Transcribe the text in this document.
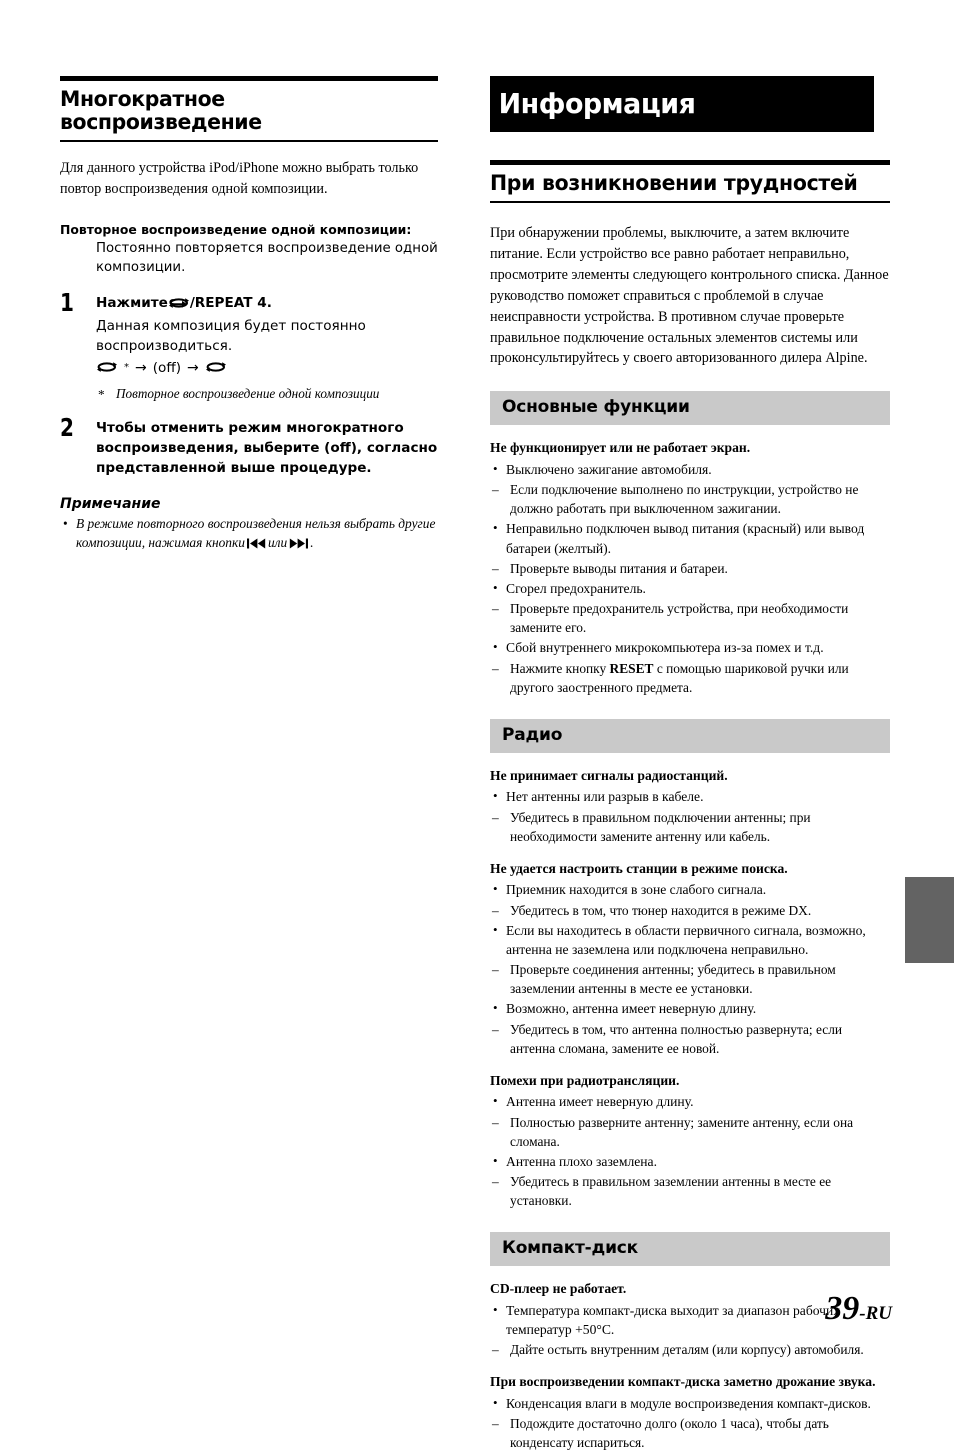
Многократное воспроизведение

Для данного устройства iPod/iPhone можно выбрать только повтор воспроизведения одной композиции.

Повторное воспроизведение одной композиции:
Постоянно повторяется воспроизведение одной композиции.
1 Нажмите /REPEAT 4.
Данная композиция будет постоянно воспроизводиться.
* → (off) →
* Повторное воспроизведение одной композиции
2 Чтобы отменить режим многократного воспроизведения, выберите (off), согласно представленной выше процедуре.
Примечание
• В режиме повторного воспроизведения нельзя выбрать другие композиции, нажимая кнопки или .
Информация
При возникновении трудностей

При обнаружении проблемы, выключите, а затем включите питание. Если устройство все равно работает неправильно, просмотрите элементы следующего контрольного списка. Данное руководство поможет справиться с проблемой в случае неисправности устройства. В противном случае проверьте правильное подключение остальных элементов системы или проконсультируйтесь у своего авторизованного дилера Alpine.

Основные функции
Не функционирует или не работает экран.
• Выключено зажигание автомобиля.
– Если подключение выполнено по инструкции, устройство не должно работать при выключенном зажигании.
• Неправильно подключен вывод питания (красный) или вывод батареи (желтый).
– Проверьте выводы питания и батареи.
• Сгорел предохранитель.
– Проверьте предохранитель устройства, при необходимости замените его.
• Сбой внутреннего микрокомпьютера из-за помех и т.д.
– Нажмите кнопку RESET с помощью шариковой ручки или другого заостренного предмета.
Радио
Не принимает сигналы радиостанций.
• Нет антенны или разрыв в кабеле.
– Убедитесь в правильном подключении антенны; при необходимости замените антенну или кабель.
Не удается настроить станции в режиме поиска.
• Приемник находится в зоне слабого сигнала.
– Убедитесь в том, что тюнер находится в режиме DX.
• Если вы находитесь в области первичного сигнала, возможно, антенна не заземлена или подключена неправильно.
– Проверьте соединения антенны; убедитесь в правильном заземлении антенны в месте ее установки.
• Возможно, антенна имеет неверную длину.
– Убедитесь в том, что антенна полностью развернута; если антенна сломана, замените ее новой.
Помехи при радиотрансляции.
• Антенна имеет неверную длину.
– Полностью разверните антенну; замените антенну, если она сломана.
• Антенна плохо заземлена.
– Убедитесь в правильном заземлении антенны в месте ее установки.
Компакт-диск
CD-плеер не работает.
• Температура компакт-диска выходит за диапазон рабочих температур +50°C.
– Дайте остыть внутренним деталям (или корпусу) автомобиля.
При воспроизведении компакт-диска заметно дрожание звука.
• Конденсация влаги в модуле воспроизведения компакт-дисков.
– Подождите достаточно долго (около 1 часа), чтобы дать конденсату испариться.
39-RU
